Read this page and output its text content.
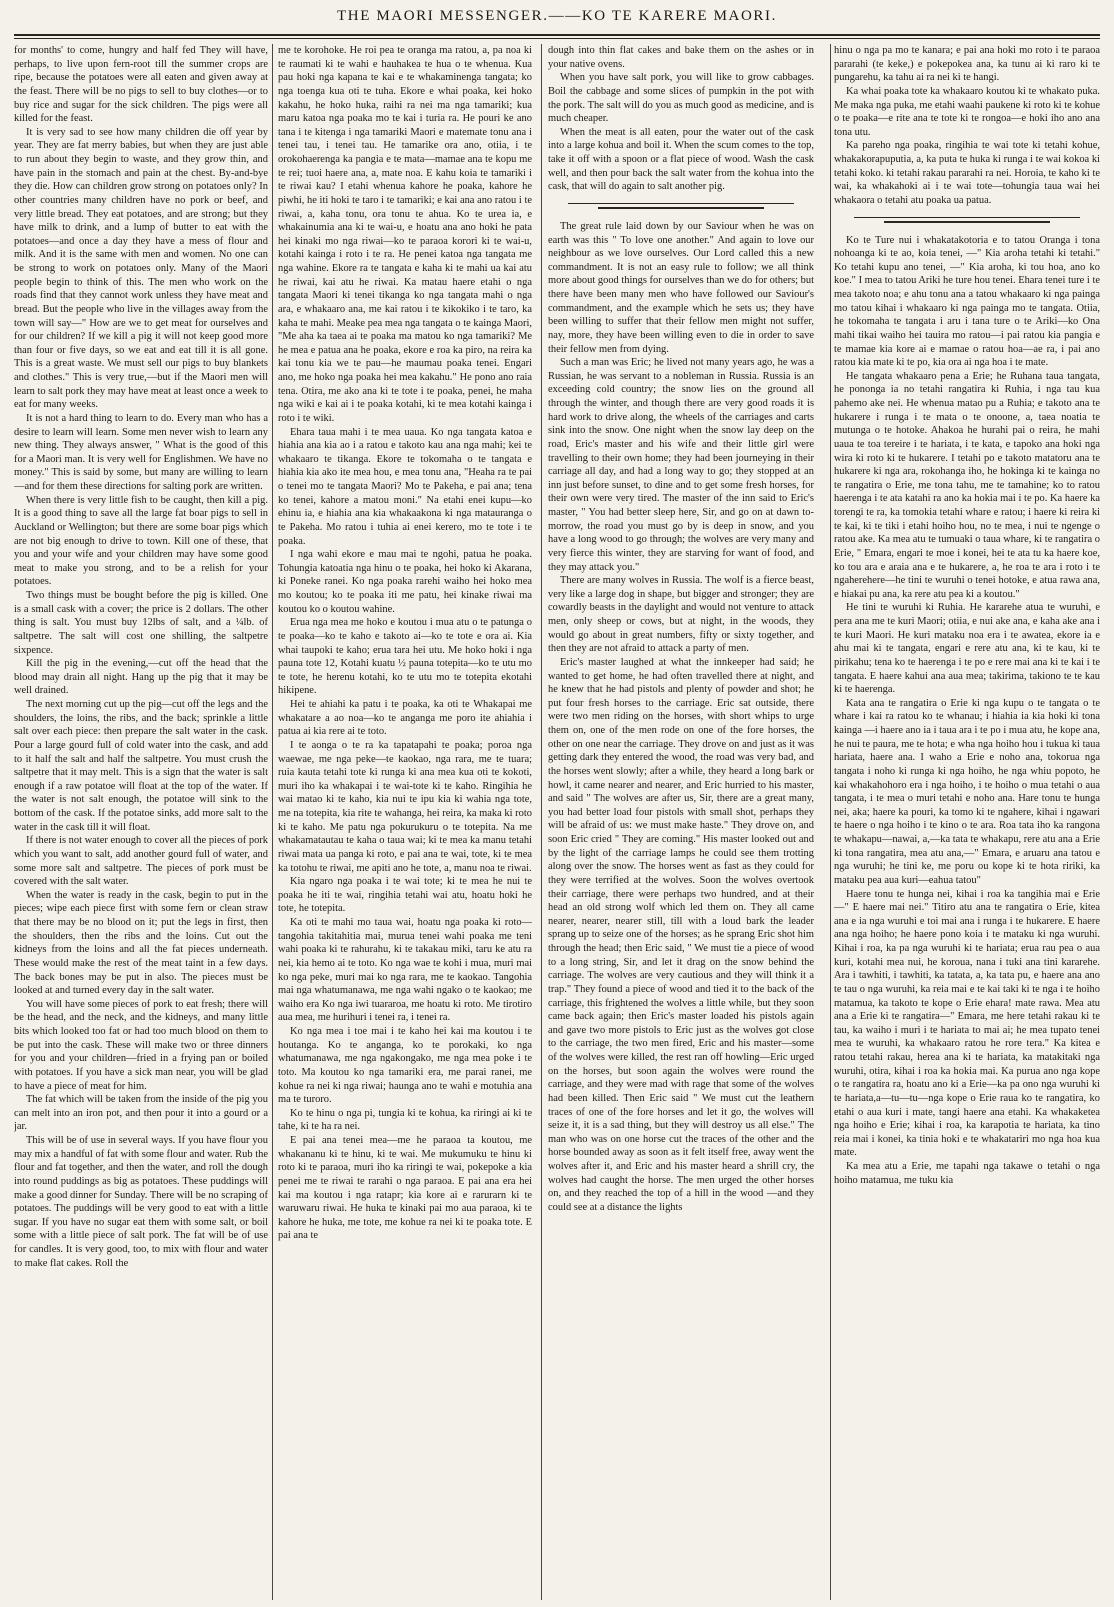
THE MAORI MESSENGER.——KO TE KARERE MAORI.

for months' to come, hungry and half fed They will have, perhaps, to live upon fern-root till the summer crops are ripe, because the potatoes were all eaten and given away at the feast. There will be no pigs to sell to buy clothes—or to buy rice and sugar for the sick children. The pigs were all killed for the feast.

It is very sad to see how many children die off year by year. They are fat merry babies, but when they are just able to run about they begin to waste, and they grow thin, and have pain in the stomach and pain at the chest. By-and-bye they die. How can children grow strong on potatoes only? In other countries many children have no pork or beef, and very little bread. They eat potatoes, and are strong; but they have milk to drink, and a lump of butter to eat with the potatoes—and once a day they have a mess of flour and milk. And it is the same with men and women. No one can be strong to work on potatoes only. Many of the Maori people begin to think of this. The men who work on the roads find that they cannot work unless they have meat and bread. But the people who live in the villages away from the town will say—" How are we to get meat for ourselves and for our children? If we kill a pig it will not keep good more than four or five days, so we eat and eat till it is all gone. This is a great waste. We must sell our pigs to buy blankets and clothes." This is very true,—but if the Maori men will learn to salt pork they may have meat at least once a week to eat for many weeks.

It is not a hard thing to learn to do. Every man who has a desire to learn will learn. Some men never wish to learn any new thing. They always answer, " What is the good of this for a Maori man. It is very well for Englishmen. We have no money." This is said by some, but many are willing to learn—and for them these directions for salting pork are written.

When there is very little fish to be caught, then kill a pig. It is a good thing to save all the large fat boar pigs to sell in Auckland or Wellington; but there are some boar pigs which are not big enough to drive to town. Kill one of these, that you and your wife and your children may have some good meat to make you strong, and to be a relish for your potatoes.

Two things must be bought before the pig is killed. One is a small cask with a cover; the price is 2 dollars. The other thing is salt. You must buy 12lbs of salt, and a ¼lb. of saltpetre. The salt will cost one shilling, the saltpetre sixpence.

Kill the pig in the evening,—cut off the head that the blood may drain all night. Hang up the pig that it may be well drained.

The next morning cut up the pig—cut off the legs and the shoulders, the loins, the ribs, and the back; sprinkle a little salt over each piece: then prepare the salt water in the cask. Pour a large gourd full of cold water into the cask, and add to it half the salt and half the saltpetre. You must crush the saltpetre that it may melt. This is a sign that the water is salt enough if a raw potatoe will float at the top of the water. If the water is not salt enough, the potatoe will sink to the bottom of the cask. If the potatoe sinks, add more salt to the water in the cask till it will float.

If there is not water enough to cover all the pieces of pork which you want to salt, add another gourd full of water, and some more salt and saltpetre. The pieces of pork must be covered with the salt water.

When the water is ready in the cask, begin to put in the pieces; wipe each piece first with some fern or clean straw that there may be no blood on it; put the legs in first, then the shoulders, then the ribs and the loins. Cut out the kidneys from the loins and all the fat pieces underneath. These would make the rest of the meat taint in a few days. The back bones may be put in also. The pieces must be looked at and turned every day in the salt water.

You will have some pieces of pork to eat fresh; there will be the head, and the neck, and the kidneys, and many little bits which looked too fat or had too much blood on them to be put into the cask. These will make two or three dinners for you and your children—fried in a frying pan or boiled with potatoes. If you have a sick man near, you will be glad to have a piece of meat for him.

The fat which will be taken from the inside of the pig you can melt into an iron pot, and then pour it into a gourd or a jar.

This will be of use in several ways. If you have flour you may mix a handful of fat with some flour and water. Rub the flour and fat together, and then the water, and roll the dough into round puddings as big as potatoes. These puddings will make a good dinner for Sunday. There will be no scraping of potatoes. The puddings will be very good to eat with a little sugar. If you have no sugar eat them with some salt, or boil some with a little piece of salt pork. The fat will be of use for candles. It is very good, too, to mix with flour and water to make flat cakes. Roll the

me te korohoke. He roi pea te oranga ma ratou, a, pa noa ki te raumati ki te wahi e hauhakea te hua o te whenua. Kua pau hoki nga kapana te kai e te whakaminenga tangata; ko nga toenga kua oti te tuha. Ekore e whai poaka, kei hoko kakahu, he hoko huka, raihi ra nei ma nga tamariki; kua maru katoa nga poaka mo te kai i turia ra. He pouri ke ano tana i te kitenga i nga tamariki Maori e matemate tonu ana i tenei tau, i tenei tau. He tamarike ora ano, otiia, i te orokohaerenga ka pangia e te mata—mamae ana te kopu me te rei; tuoi haere ana, a, mate noa. E kahu koia te tamariki i te riwai kau? I etahi whenua kahore he poaka, kahore he piwhi, he iti hoki te taro i te tamariki; e kai ana ano ratou i te riwai, a, kaha tonu, ora tonu te ahua. Ko te urea ia, e whakainumia ana ki te wai-u, e hoatu ana ano hoki he pata hei kinaki mo nga riwai—ko te paraoa korori ki te wai-u, kotahi kainga i roto i te ra. He penei katoa nga tangata me nga wahine. Ekore ra te tangata e kaha ki te mahi ua kai atu he riwai, kai atu he riwai. Ka matau haere etahi o nga tangata Maori ki tenei tikanga ko nga tangata mahi o nga ara, e whakaaro ana, me kai ratou i te kikokiko i te taro, ka kaha te mahi. Meake pea mea nga tangata o te kainga Maori, "Me aha ka taea ai te poaka ma matou ko nga tamariki? Me he mea e patua ana he poaka, ekore e roa ka piro, na reira ka kai tonu kia we te pau—he maumau poaka tenei. Engari ano, me hoko nga poaka hei mea kakahu." He pono ano raia tena. Otira, me ako ana ki te tote i te poaka, penei, he maha nga wiki e kai ai i te poaka kotahi, ki te mea kotahi kainga i roto i te wiki.

Ehara taua mahi i te mea uaua. Ko nga tangata katoa e hiahia ana kia ao i a ratou e takoto kau ana nga mahi; kei te whakaaro te tikanga. Ekore te tokomaha o te tangata e hiahia kia ako ite mea hou, e mea tonu ana, "Heaha ra te pai o tenei mo te tangata Maori? Mo te Pakeha, e pai ana; tena ko tenei, kahore a matou moni." Na etahi enei kupu—ko ehinu ia, e hiahia ana kia whakaakona ki nga matauranga o te Pakeha. Mo ratou i tuhia ai enei kerero, mo te tote i te poaka.

I nga wahi ekore e mau mai te ngohi, patua he poaka. Tohungia katoatia nga hinu o te poaka, hei hoko ki Akarana, ki Poneke ranei. Ko nga poaka rarehi waiho hei hoko mea mo koutou; ko te poaka iti me patu, hei kinake riwai ma koutou ko o koutou wahine.

Erua nga mea me hoko e koutou i mua atu o te patunga o te poaka—ko te kaho e takoto ai—ko te tote e ora ai. Kia whai taupoki te kaho; erua tara hei utu. Me hoko hoki i nga pauna tote 12, Kotahi kuatu ½ pauna totepita—ko te utu mo te tote, he herenu kotahi, ko te utu mo te totepita ekotahi hikipene.

Hei te ahiahi ka patu i te poaka, ka oti te Whakapai me whakatare a ao noa—ko te anganga me poro ite ahiahia i patua ai kia rere ai te toto.

I te aonga o te ra ka tapatapahi te poaka; poroa nga waewae, me nga peke—te kaokao, nga rara, me te tuara; ruia kauta tetahi tote ki runga ki ana mea kua oti te kokoti, muri iho ka whakapai i te wai-tote ki te kaho. Ringihia he wai matao ki te kaho, kia nui te ipu kia ki wahia nga tote, me na totepita, kia rite te wahanga, hei reira, ka maka ki roto ki te kaho. Me patu nga pokurukuru o te totepita. Na me whakamatautau te kaha o taua wai; ki te mea ka manu tetahi riwai mata ua panga ki roto, e pai ana te wai, tote, ki te mea ka totohu te riwai, me apiti ano he tote, a, manu noa te riwai.

Kia ngaro nga poaka i te wai tote; ki te mea he nui te poaka he iti te wai, ringihia tetahi wai atu, hoatu hoki he tote, he totepita.

Ka oti te mahi mo taua wai, hoatu nga poaka ki roto—tangohia takitahitia mai, murua tenei wahi poaka me teni wahi poaka ki te rahurahu, ki te takakau miki, taru ke atu ra nei, kia hemo ai te toto. Ko nga wae te kohi i mua, muri mai ko nga peke, muri mai ko nga rara, me te kaokao. Tangohia mai nga whatumanawa, me nga wahi ngako o te kaokao; me waiho era Ko nga iwi tuararoa, me hoatu ki roto. Me tirotiro aua mea, me hurihuri i tenei ra, i tenei ra.

Ko nga mea i toe mai i te kaho hei kai ma koutou i te houtanga. Ko te anganga, ko te porokaki, ko nga whatumanawa, me nga ngakongako, me nga mea poke i te toto. Ma koutou ko nga tamariki era, me parai ranei, me kohue ra nei ki nga riwai; haunga ano te wahi e motuhia ana ma te turoro.

Ko te hinu o nga pi, tungia ki te kohua, ka riringi ai ki te tahe, ki te ha ra nei.

E pai ana tenei mea—me he paraoa ta koutou, me whakananu ki te hinu, ki te wai. Me mukumuku te hinu ki roto ki te paraoa, muri iho ka riringi te wai, pokepoke a kia penei me te riwai te rarahi o nga paraoa. E pai ana era hei kai ma koutou i nga ratapr; kia kore ai e rarurarn ki te waruwaru riwai. He huka te kinaki pai mo aua paraoa, ki te kahore he huka, me tote, me kohue ra nei ki te poaka tote. E pai ana te

dough into thin flat cakes and bake them on the ashes or in your native ovens.

When you have salt pork, you will like to grow cabbages. Boil the cabbage and some slices of pumpkin in the pot with the pork. The salt will do you as much good as medicine, and is much cheaper.

When the meat is all eaten, pour the water out of the cask into a large kohua and boil it. When the scum comes to the top, take it off with a spoon or a flat piece of wood. Wash the cask well, and then pour back the salt water from the kohua into the cask, that will do again to salt another pig.

The great rule laid down by our Saviour when he was on earth was this " To love one another." And again to love our neighbour as we love ourselves. Our Lord called this a new commandment. It is not an easy rule to follow; we all think more about good things for ourselves than we do for others; but there have been many men who have followed our Saviour's commandment, and the example which he sets us; they have been willing to suffer that their fellow men might not suffer, nay, more, they have been willing even to die in order to save their fellow men from dying.

Such a man was Eric; he lived not many years ago, he was a Russian, he was servant to a nobleman in Russia. Russia is an exceeding cold country; the snow lies on the ground all through the winter, and though there are very good roads it is hard work to drive along, the wheels of the carriages and carts sink into the snow. One night when the snow lay deep on the road, Eric's master and his wife and their little girl were travelling to their own home; they had been journeying in their carriage all day, and had a long way to go; they stopped at an inn just before sunset, to dine and to get some fresh horses, for their own were very tired. The master of the inn said to Eric's master, " You had better sleep here, Sir, and go on at dawn to-morrow, the road you must go by is deep in snow, and you have a long wood to go through; the wolves are very many and very fierce this winter, they are starving for want of food, and they may attack you."

There are many wolves in Russia. The wolf is a fierce beast, very like a large dog in shape, but bigger and stronger; they are cowardly beasts in the daylight and would not venture to attack men, only sheep or cows, but at night, in the woods, they would go about in great numbers, fifty or sixty together, and then they are not afraid to attack a party of men.

Eric's master laughed at what the innkeeper had said; he wanted to get home, he had often travelled there at night, and he knew that he had pistols and plenty of powder and shot; he put four fresh horses to the carriage. Eric sat outside, there were two men riding on the horses, with short whips to urge them on, one of the men rode on one of the fore horses, the other on one near the carriage. They drove on and just as it was getting dark they entered the wood, the road was very bad, and the horses went slowly; after a while, they heard a long bark or howl, it came nearer and nearer, and Eric hurried to his master, and said " The wolves are after us, Sir, there are a great many, you had better load four pistols with small shot, perhaps they will be afraid of us: we must make haste." They drove on, and soon Eric cried " They are coming." His master looked out and by the light of the carriage lamps he could see them trotting along over the snow. The horses went as fast as they could for they were terrified at the wolves. Soon the wolves overtook their carriage, there were perhaps two hundred, and at their head an old strong wolf which led them on. They all came nearer, nearer, nearer still, till with a loud bark the leader sprang up to seize one of the horses; as he sprang Eric shot him through the head; then Eric said, " We must tie a piece of wood to a long string, Sir, and let it drag on the snow behind the carriage. The wolves are very cautious and they will think it a trap." They found a piece of wood and tied it to the back of the carriage, this frightened the wolves a little while, but they soon came back again; then Eric's master loaded his pistols again and gave two more pistols to Eric just as the wolves got close to the carriage, the two men fired, Eric and his master—some of the wolves were killed, the rest ran off howling—Eric urged on the horses, but soon again the wolves were round the carriage, and they were mad with rage that some of the wolves had been killed. Then Eric said " We must cut the leathern traces of one of the fore horses and let it go, the wolves will seize it, it is a sad thing, but they will destroy us all else." The man who was on one horse cut the traces of the other and the horse bounded away as soon as it felt itself free, away went the wolves after it, and Eric and his master heard a shrill cry, the wolves had caught the horse. The men urged the other horses on, and they reached the top of a hill in the wood —and they could see at a distance the lights

hinu o nga pa mo te kanara; e pai ana hoki mo roto i te paraoa pararahi (te keke,) e pokepokea ana, ka tunu ai ki raro ki te pungarehu, ka tahu ai ra nei ki te hangi.

Ka whai poaka tote ka whakaaro koutou ki te whakato puka. Me maka nga puka, me etahi waahi paukene ki roto ki te kohue o te poaka—e rite ana te tote ki te rongoa—e hoki iho ano ana tona utu.

Ka pareho nga poaka, ringihia te wai tote ki tetahi kohue, whakakorapuputia, a, ka puta te huka ki runga i te wai kokoa ki tetahi koko. ki tetahi rakau pararahi ra nei. Horoia, te kaho ki te wai, ka whakahoki ai i te wai tote—tohungia taua wai hei whakaora o tetahi atu poaka ua patua.

Ko te Ture nui i whakatakotoria e to tatou Oranga i tona nohoanga ki te ao, koia tenei, —" Kia aroha tetahi ki tetahi." Ko tetahi kupu ano tenei, —" Kia aroha, ki tou hoa, ano ko koe." I mea to tatou Ariki he ture hou tenei. Ehara tenei ture i te mea takoto noa; e ahu tonu ana a tatou whakaaro ki nga painga mo tatou kihai i whakaaro ki nga painga mo te tangata. Otiia, he tokomaha te tangata i aru i tana ture o te Ariki—ko Ona mahi tikai waiho hei tauira mo ratou—i pai ratou kia pangia e te mamae kia kore ai e mamae o ratou hoa—ae ra, i pai ano ratou kia mate ki te po, kia ora ai nga hoa i te mate.

He tangata whakaaro pena a Erie; he Ruhana taua tangata, he pononga ia no tetahi rangatira ki Ruhia, i nga tau kua pahemo ake nei. He whenua matao pu a Ruhia; e takoto ana te hukarere i runga i te mata o te onoone, a, taea noatia te mutunga o te hotoke. Ahakoa he hurahi pai o reira, he mahi uaua te toa tereire i te hariata, i te kata, e tapoko ana hoki nga wira ki roto ki te hukarere. I tetahi po e takoto matatoru ana te hukarere ki nga ara, rokohanga iho, he hokinga ki te kainga no te rangatira o Erie, me tona tahu, me te tamahine; ko to ratou haerenga i te ata katahi ra ano ka hokia mai i te po. Ka haere ka torengi te ra, ka tomokia tetahi whare e ratou; i haere ki reira ki te kai, ki te tiki i etahi hoiho hou, no te mea, i nui te ngenge o ratou ake. Ka mea atu te tumuaki o taua whare, ki te rangatira o Erie, " Emara, engari te moe i konei, hei te ata tu ka haere koe, ko tou ara e araia ana e te hukarere, a, he roa te ara i roto i te ngaherehere—he tini te wuruhi o tenei hotoke, e atua rawa ana, e hiakai pu ana, ka rere atu pea ki a koutou."

He tini te wuruhi ki Ruhia. He kararehe atua te wuruhi, e pera ana me te kuri Maori; otiia, e nui ake ana, e kaha ake ana i te kuri Maori. He kuri mataku noa era i te awatea, ekore ia e ahu mai ki te tangata, engari e rere atu ana, ki te kau, ki te pirikahu; tena ko te haerenga i te po e rere mai ana ki te kai i te tangata. E haere kahui ana aua mea; takirima, takiono te te kau ki te haerenga.

Kata ana te rangatira o Erie ki nga kupu o te tangata o te whare i kai ra ratou ko te whanau; i hiahia ia kia hoki ki tona kainga —i haere ano ia i taua ara i te po i mua atu, he kope ana, he nui te paura, me te hota; e wha nga hoiho hou i tukua ki taua hariata, haere ana. I waho a Erie e noho ana, tokorua nga tangata i noho ki runga ki nga hoiho, he nga whiu popoto, he kai whakahohoro era i nga hoiho, i te hoiho o mua tetahi o aua tangata, i te mea o muri tetahi e noho ana. Hare tonu te hunga nei, aka; haere ka pouri, ka tomo ki te ngahere, kihai i ngawari te haere o nga hoiho i te kino o te ara. Roa tata iho ka rangona te whakapu—nawai, a,—ka tata te whakapu, rere atu ana a Erie ki tona rangatira, mea atu ana,—" Emara, e aruaru ana tatou e nga wuruhi; he tini ke, me poru ou kope ki te hota ririki, ka mataku pea aua kuri—eahua tatou"

Haere tonu te hunga nei, kihai i roa ka tangihia mai e Erie—" E haere mai nei." Titiro atu ana te rangatira o Erie, kitea ana e ia nga wuruhi e toi mai ana i runga i te hukarere. E haere ana nga hoiho; he haere pono koia i te mataku ki nga wuruhi. Kihai i roa, ka pa nga wuruhi ki te hariata; erua rau pea o aua kuri, kotahi mea nui, he koroua, nana i tuki ana tini kararehe. Ara i tawhiti, i tawhiti, ka tatata, a, ka tata pu, e haere ana ano te tau o nga wuruhi, ka reia mai e te kai taki ki te nga i te hoiho matamua, ka takoto te kope o Erie ehara! mate rawa. Mea atu ana a Erie ki te rangatira—" Emara, me here tetahi rakau ki te tau, ka waiho i muri i te hariata to mai ai; he mea tupato tenei mea te wuruhi, ka whakaaro ratou he rore tera." Ka kitea e ratou tetahi rakau, herea ana ki te hariata, ka matakitaki nga wuruhi, otira, kihai i roa ka hokia mai. Ka purua ano nga kope o te rangatira ra, hoatu ano ki a Erie—ka pa ono nga wuruhi ki te hariata,a—tu—tu—nga kope o Erie raua ko te rangatira, ko etahi o aua kuri i mate, tangi haere ana etahi. Ka whakaketea nga hoiho e Erie; kihai i roa, ka karapotia te hariata, ka tino reia mai i konei, ka tinia hoki e te whakatariri mo nga hoa kua mate.

Ka mea atu a Erie, me tapahi nga takawe o tetahi o nga hoiho matamua, me tuku kia
